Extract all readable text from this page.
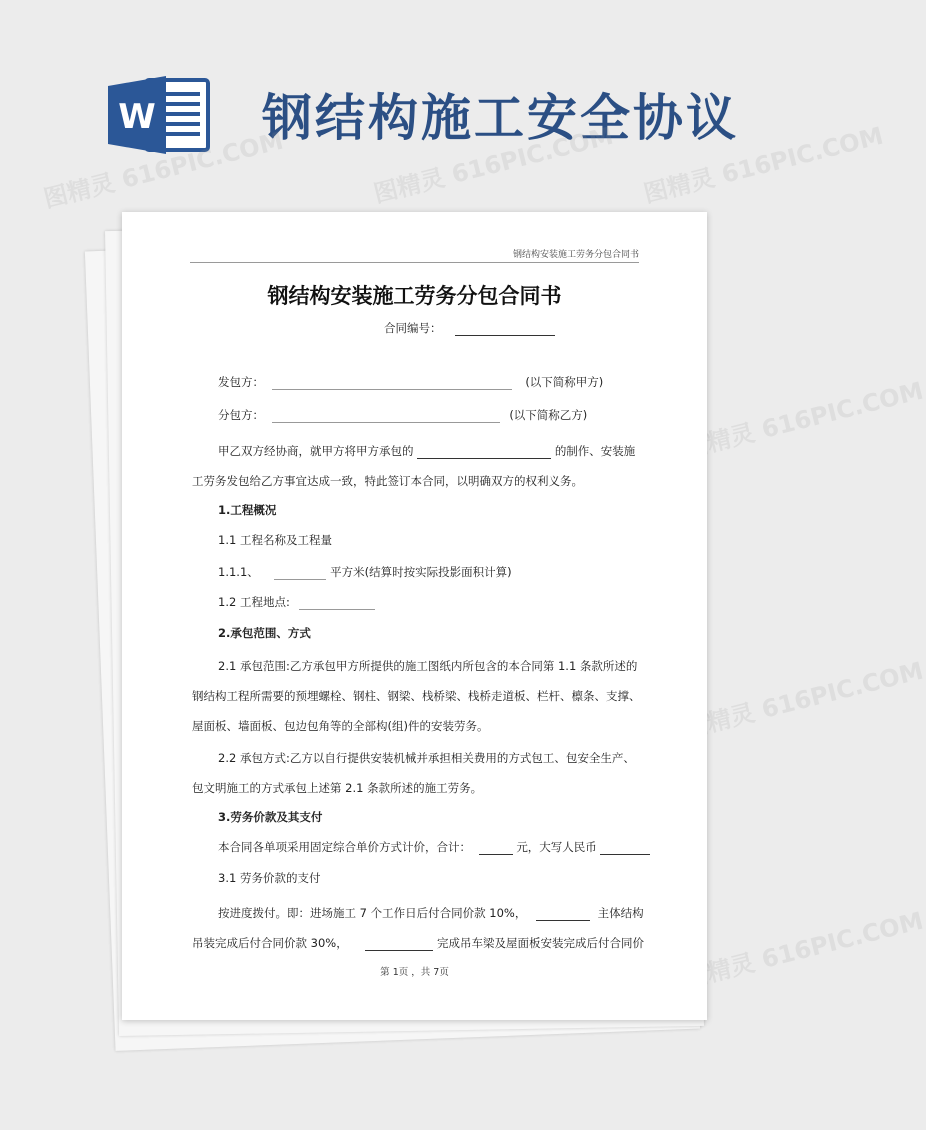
W 钢结构施工安全协议
图精灵 616PIC.COM	图精灵 616PIC.COM 图精灵 616PIC.COM
图精灵 616PIC.COM
图精灵 616PIC.COM
图精灵 616PIC.COM
钢结构安装施工劳务分包合同书
钢结构安装施工劳务分包合同书
合同编号：
发包方：	(以下简称甲方)
分包方：	(以下简称乙方)
甲乙双方经协商，就甲方将甲方承包的	的制作、安装施
工劳务发包给乙方事宜达成一致，特此签订本合同，以明确双方的权利义务。
1.工程概况
1.1 工程名称及工程量
1.1.1、	平方米(结算时按实际投影面积计算)
1.2 工程地点:
2.承包范围、方式
2.1 承包范围:乙方承包甲方所提供的施工图纸内所包含的本合同第 1.1 条款所述的
钢结构工程所需要的预埋螺栓、钢柱、钢梁、栈桥梁、栈桥走道板、栏杆、檩条、支撑、
屋面板、墙面板、包边包角等的全部构(组)件的安装劳务。
2.2 承包方式:乙方以自行提供安装机械并承担相关费用的方式包工、包安全生产、
包文明施工的方式承包上述第 2.1 条款所述的施工劳务。
3.劳务价款及其支付
本合同各单项采用固定综合单价方式计价，合计：	元，大写人民币
3.1 劳务价款的支付
按进度拨付。即：进场施工 7 个工作日后付合同价款 10%，	主体结构
吊装完成后付合同价款 30%，	完成吊车梁及屋面板安装完成后付合同价
第 1页 ，共 7页
